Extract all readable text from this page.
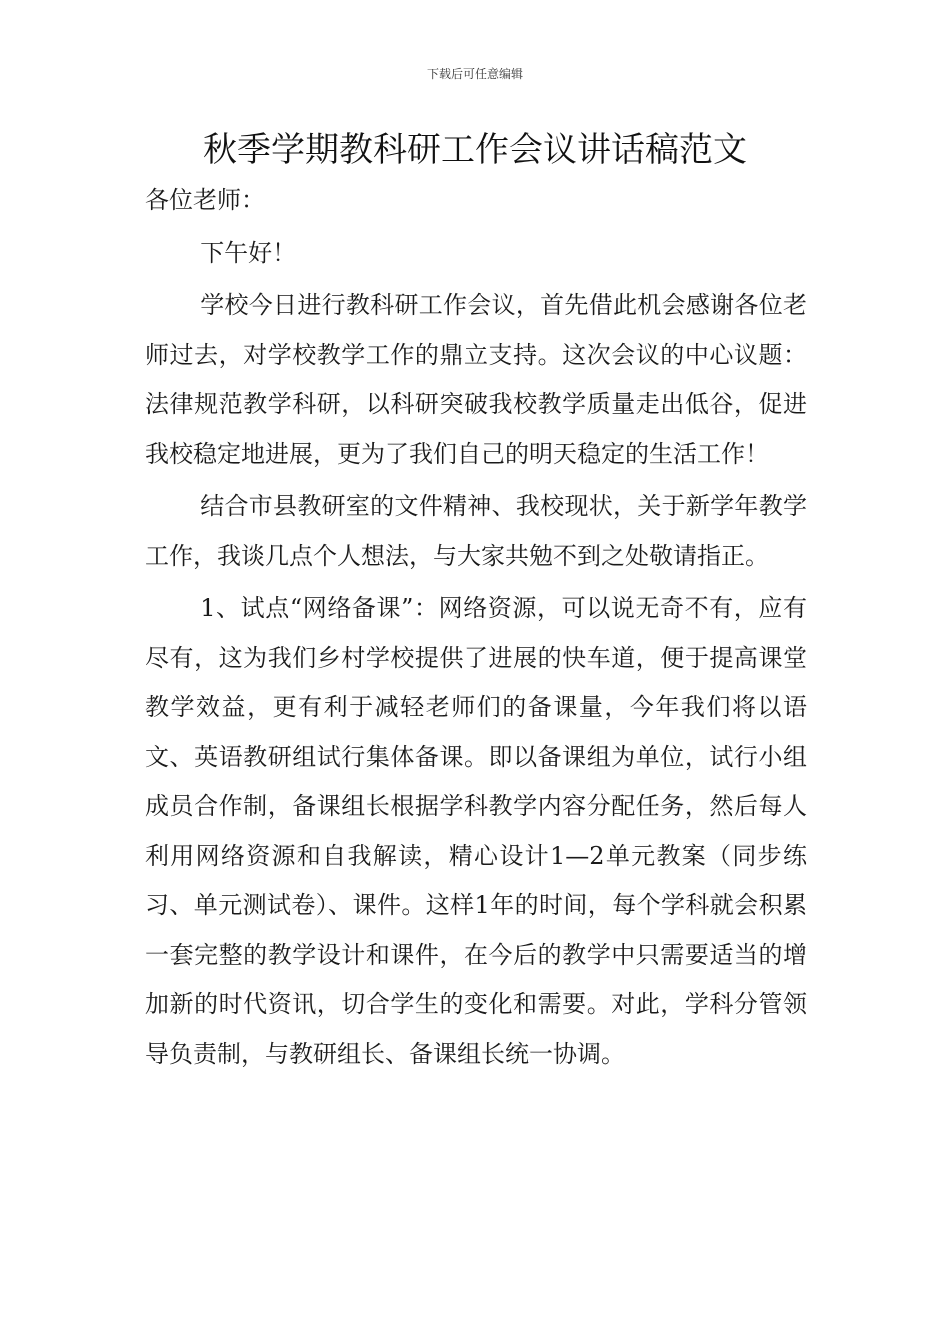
下载后可任意编辑
秋季学期教科研工作会议讲话稿范文

各位老师：

下午好！

学校今日进行教科研工作会议，首先借此机会感谢各位老师过去，对学校教学工作的鼎立支持。这次会议的中心议题：法律规范教学科研，以科研突破我校教学质量走出低谷，促进我校稳定地进展，更为了我们自己的明天稳定的生活工作！

结合市县教研室的文件精神、我校现状，关于新学年教学工作，我谈几点个人想法，与大家共勉不到之处敬请指正。

1、试点“网络备课”：网络资源，可以说无奇不有，应有尽有，这为我们乡村学校提供了进展的快车道，便于提高课堂教学效益，更有利于减轻老师们的备课量，今年我们将以语文、英语教研组试行集体备课。即以备课组为单位，试行小组成员合作制，备课组长根据学科教学内容分配任务，然后每人利用网络资源和自我解读，精心设计1—2单元教案（同步练习、单元测试卷）、课件。这样1年的时间，每个学科就会积累一套完整的教学设计和课件，在今后的教学中只需要适当的增加新的时代资讯，切合学生的变化和需要。对此，学科分管领导负责制，与教研组长、备课组长统一协调。
